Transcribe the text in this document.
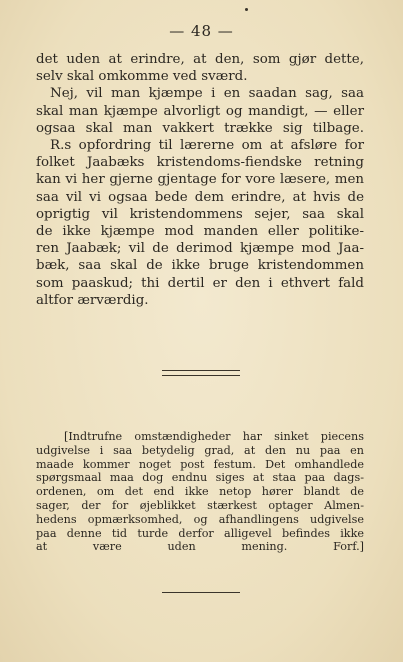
— 48 —
det uden at erindre, at den, som gjør dette,
selv skal omkomme ved sværd.
Nej, vil man kjæmpe i en saadan sag, saa
skal man kjæmpe alvorligt og mandigt, — eller
ogsaa skal man vakkert trække sig tilbage.
R.s opfordring til lærerne om at afsløre for
folket Jaabæks kristendoms-fiendske retning
kan vi her gjerne gjentage for vore læsere, men
saa vil vi ogsaa bede dem erindre, at hvis de
oprigtig vil kristendommens sejer, saa skal
de ikke kjæmpe mod manden eller politike-
ren Jaabæk; vil de derimod kjæmpe mod Jaa-
bæk, saa skal de ikke bruge kristendommen
som paaskud; thi dertil er den i ethvert fald
altfor ærværdig.
[Indtrufne omstændigheder har sinket piecens
udgivelse i saa betydelig grad, at den nu paa en
maade kommer noget post festum. Det omhandlede
spørgsmaal maa dog endnu siges at staa paa dags-
ordenen, om det end ikke netop hører blandt de
sager, der for øjeblikket stærkest optager Almen-
hedens opmærksomhed, og afhandlingens udgivelse
paa denne tid turde derfor alligevel befindes ikke
at være uden mening. Forf.]
